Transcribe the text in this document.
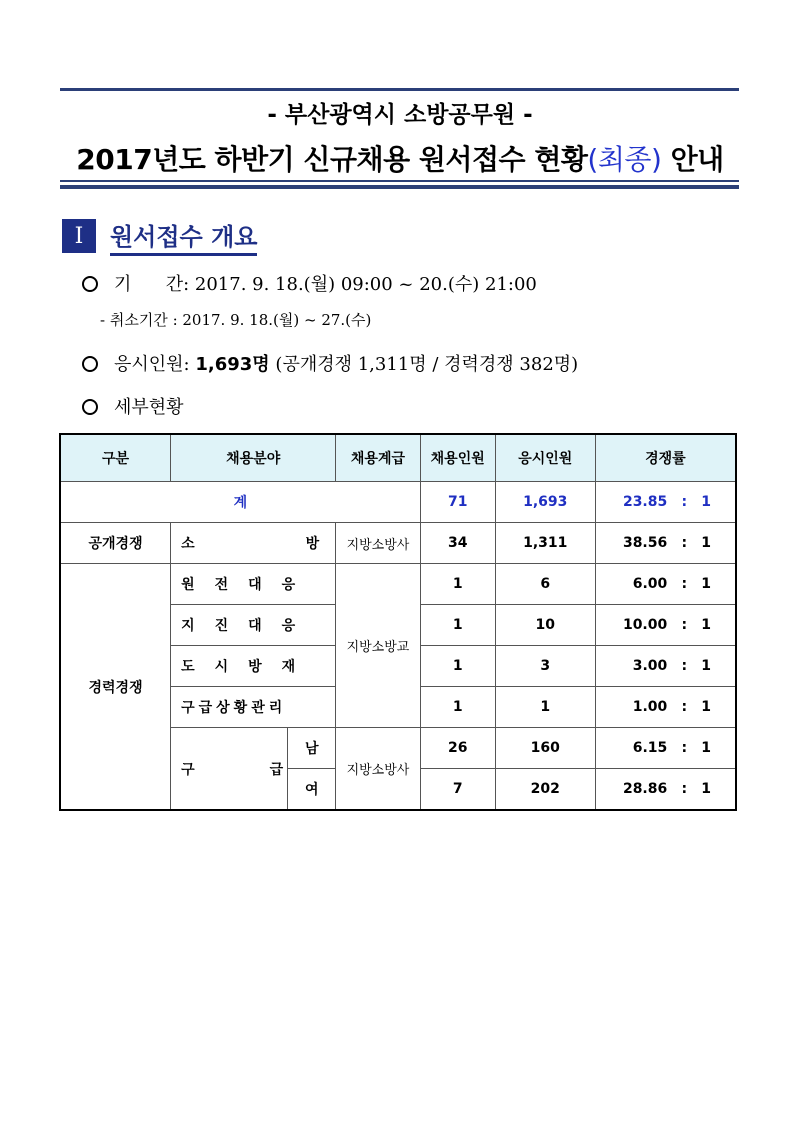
- 부산광역시 소방공무원 -
2017년도 하반기 신규채용 원서접수 현황(최종) 안내
I	원서접수 개요
기      간: 2017. 9. 18.(월) 09:00 ~ 20.(수) 21:00
- 취소기간 : 2017. 9. 18.(월) ~ 27.(수)
응시인원: 1,693명 (공개경쟁 1,311명 / 경력경쟁 382명)
세부현황
구분	채용분야		채용계급	채용인원	응시인원	경쟁률
계				71	1,693	23.85 : 1

공개경쟁	소        방		지방소방사	34	1,311	38.56 : 1

경력경쟁	원전대응		지방소방교	1	6	6.00 : 1

	지진대응			1	10	10.00 : 1

	도시방재			1	3	3.00 : 1

	구급상황관리			1	1	1.00 : 1

	구        급	남	지방소방사	26	160	6.15 : 1

		여		7	202	28.86 : 1
